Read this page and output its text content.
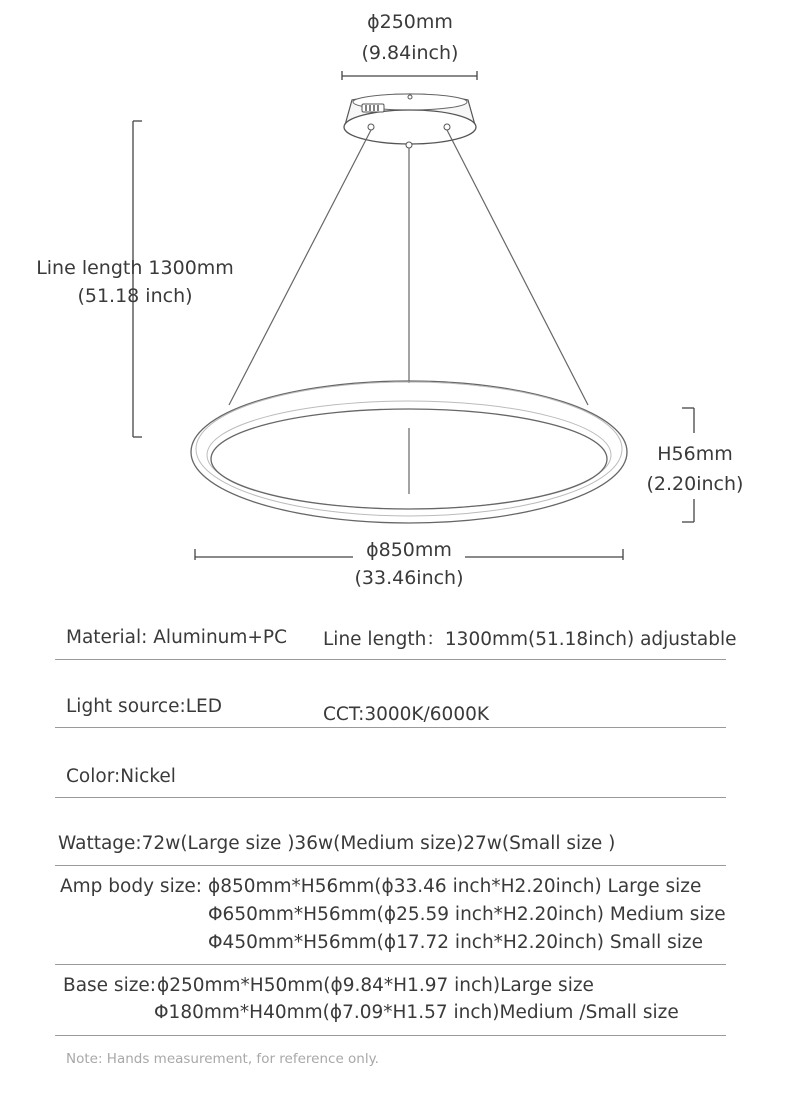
ϕ250mm
(9.84inch)
Line length 1300mm
(51.18 inch)
H56mm
(2.20inch)
ϕ850mm
(33.46inch)
Material: Aluminum+PC Line length：1300mm(51.18inch) adjustable
Light source:LED	CCT:3000K/6000K
Color:Nickel
Wattage:72w(Large size )36w(Medium size)27w(Small size )
Amp body size: ϕ850mm*H56mm(ϕ33.46 inch*H2.20inch) Large size
Φ650mm*H56mm(ϕ25.59 inch*H2.20inch) Medium size
Φ450mm*H56mm(ϕ17.72 inch*H2.20inch) Small size
Base size: ϕ250mm*H50mm(ϕ9.84*H1.97 inch)Large size
Φ180mm*H40mm(ϕ7.09*H1.57 inch)Medium /Small size
Note: Hands measurement, for reference only.
